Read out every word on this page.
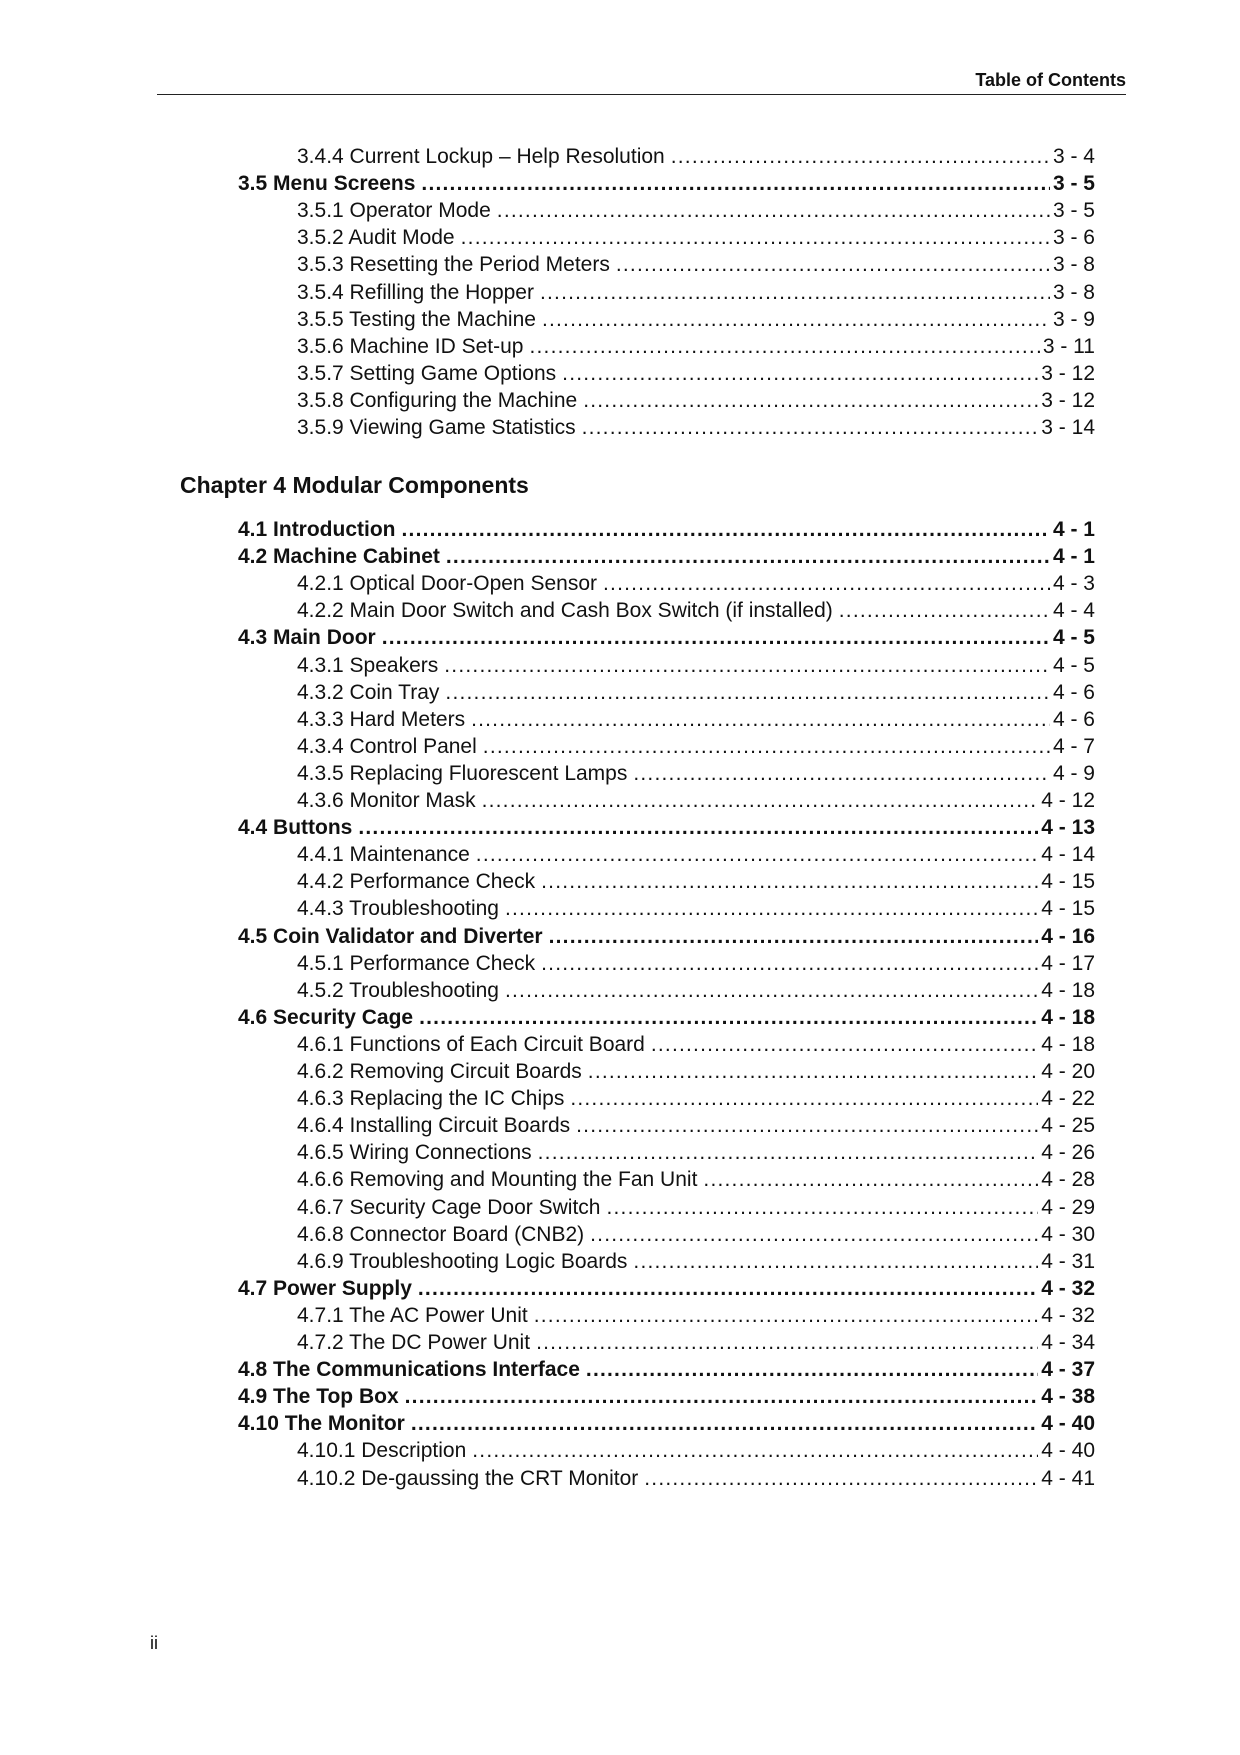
Table of Contents
3.4.4 Current Lockup – Help Resolution .....	3 - 4
3.5 Menu Screens .....	3 - 5
3.5.1 Operator Mode .....	3 - 5
3.5.2 Audit Mode .....	3 - 6
3.5.3 Resetting the Period Meters .....	3 - 8
3.5.4 Refilling the Hopper .....	3 - 8
3.5.5 Testing the Machine .....	3 - 9
3.5.6 Machine ID Set-up .....	3 - 11
3.5.7 Setting Game Options .....	3 - 12
3.5.8 Configuring the Machine .....	3 - 12
3.5.9 Viewing Game Statistics .....	3 - 14
4.1 Introduction .....	4 - 1
4.2 Machine Cabinet .....	4 - 1
4.2.1 Optical Door-Open Sensor .....	4 - 3
4.2.2 Main Door Switch and Cash Box Switch (if installed) .....	4 - 4
4.3 Main Door .....	4 - 5
4.3.1 Speakers .....	4 - 5
4.3.2 Coin Tray .....	4 - 6
4.3.3 Hard Meters .....	4 - 6
4.3.4 Control Panel .....	4 - 7
4.3.5 Replacing Fluorescent Lamps .....	4 - 9
4.3.6 Monitor Mask .....	4 - 12
4.4 Buttons .....	4 - 13
4.4.1 Maintenance .....	4 - 14
4.4.2 Performance Check .....	4 - 15
4.4.3 Troubleshooting .....	4 - 15
4.5 Coin Validator and Diverter .....	4 - 16
4.5.1 Performance Check .....	4 - 17
4.5.2 Troubleshooting .....	4 - 18
4.6 Security Cage .....	4 - 18
4.6.1 Functions of Each Circuit Board .....	4 - 18
4.6.2 Removing Circuit Boards .....	4 - 20
4.6.3 Replacing the IC Chips .....	4 - 22
4.6.4 Installing Circuit Boards .....	4 - 25
4.6.5 Wiring Connections .....	4 - 26
4.6.6 Removing and Mounting the Fan Unit .....	4 - 28
4.6.7 Security Cage Door Switch .....	4 - 29
4.6.8 Connector Board (CNB2) .....	4 - 30
4.6.9 Troubleshooting Logic Boards .....	4 - 31
4.7 Power Supply .....	4 - 32
4.7.1 The AC Power Unit .....	4 - 32
4.7.2 The DC Power Unit .....	4 - 34
4.8 The Communications Interface .....	4 - 37
4.9 The Top Box .....	4 - 38
4.10 The Monitor .....	4 - 40
4.10.1 Description .....	4 - 40
4.10.2 De-gaussing the CRT Monitor .....	4 - 41
Chapter 4 Modular Components
ii
